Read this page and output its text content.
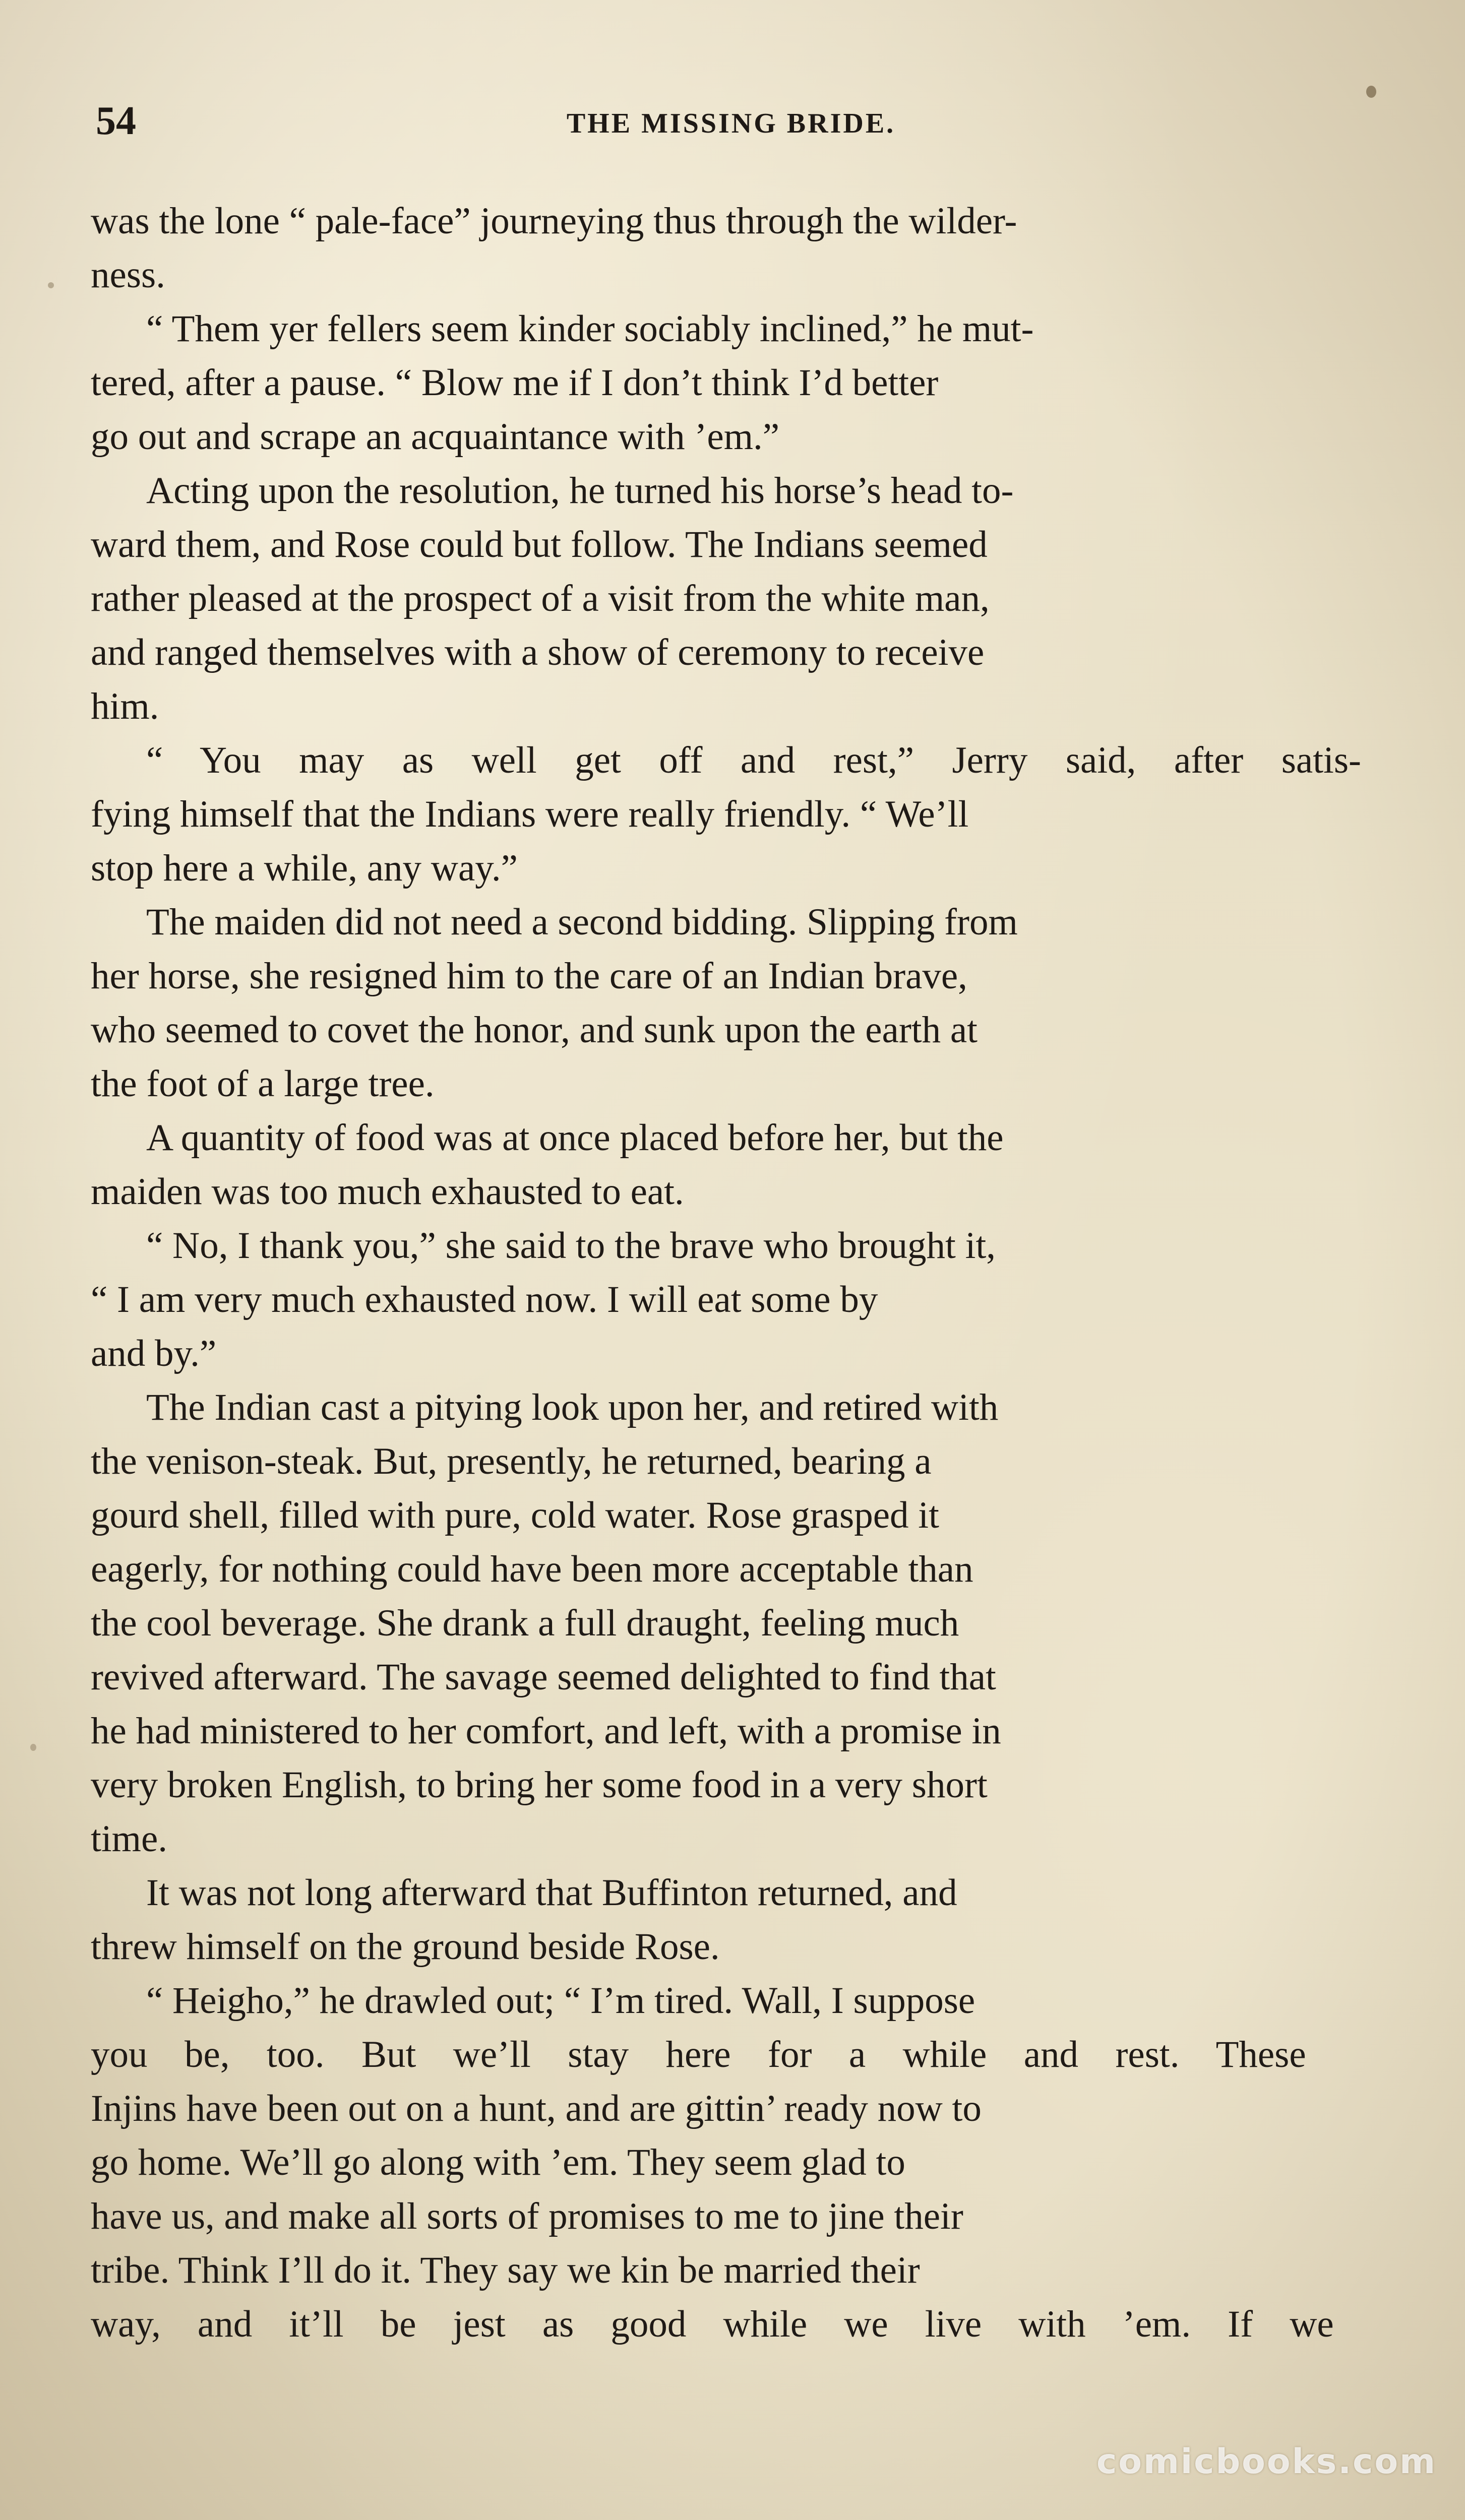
54	THE MISSING BRIDE.
was the lone “ pale-face” journeying thus through the wilder-
ness.
“ Them yer fellers seem kinder sociably inclined,” he mut-
tered, after a pause. “ Blow me if I don’t think I’d better
go out and scrape an acquaintance with ’em.”
Acting upon the resolution, he turned his horse’s head to-
ward them, and Rose could but follow. The Indians seemed
rather pleased at the prospect of a visit from the white man,
and ranged themselves with a show of ceremony to receive
him.
“ You may as well get off and rest,” Jerry said, after satis-
fying himself that the Indians were really friendly. “ We’ll
stop here a while, any way.”
The maiden did not need a second bidding. Slipping from
her horse, she resigned him to the care of an Indian brave,
who seemed to covet the honor, and sunk upon the earth at
the foot of a large tree.
A quantity of food was at once placed before her, but the
maiden was too much exhausted to eat.
“ No, I thank you,” she said to the brave who brought it,
“ I am very much exhausted now. I will eat some by
and by.”
The Indian cast a pitying look upon her, and retired with
the venison-steak. But, presently, he returned, bearing a
gourd shell, filled with pure, cold water. Rose grasped it
eagerly, for nothing could have been more acceptable than
the cool beverage. She drank a full draught, feeling much
revived afterward. The savage seemed delighted to find that
he had ministered to her comfort, and left, with a promise in
very broken English, to bring her some food in a very short
time.
It was not long afterward that Buffinton returned, and
threw himself on the ground beside Rose.
“ Heigho,” he drawled out; “ I’m tired. Wall, I suppose
you be, too. But we’ll stay here for a while and rest. These
Injins have been out on a hunt, and are gittin’ ready now to
go home. We’ll go along with ’em. They seem glad to
have us, and make all sorts of promises to me to jine their
tribe. Think I’ll do it. They say we kin be married their
way, and it’ll be jest as good while we live with ’em. If we
comicbooks.com
